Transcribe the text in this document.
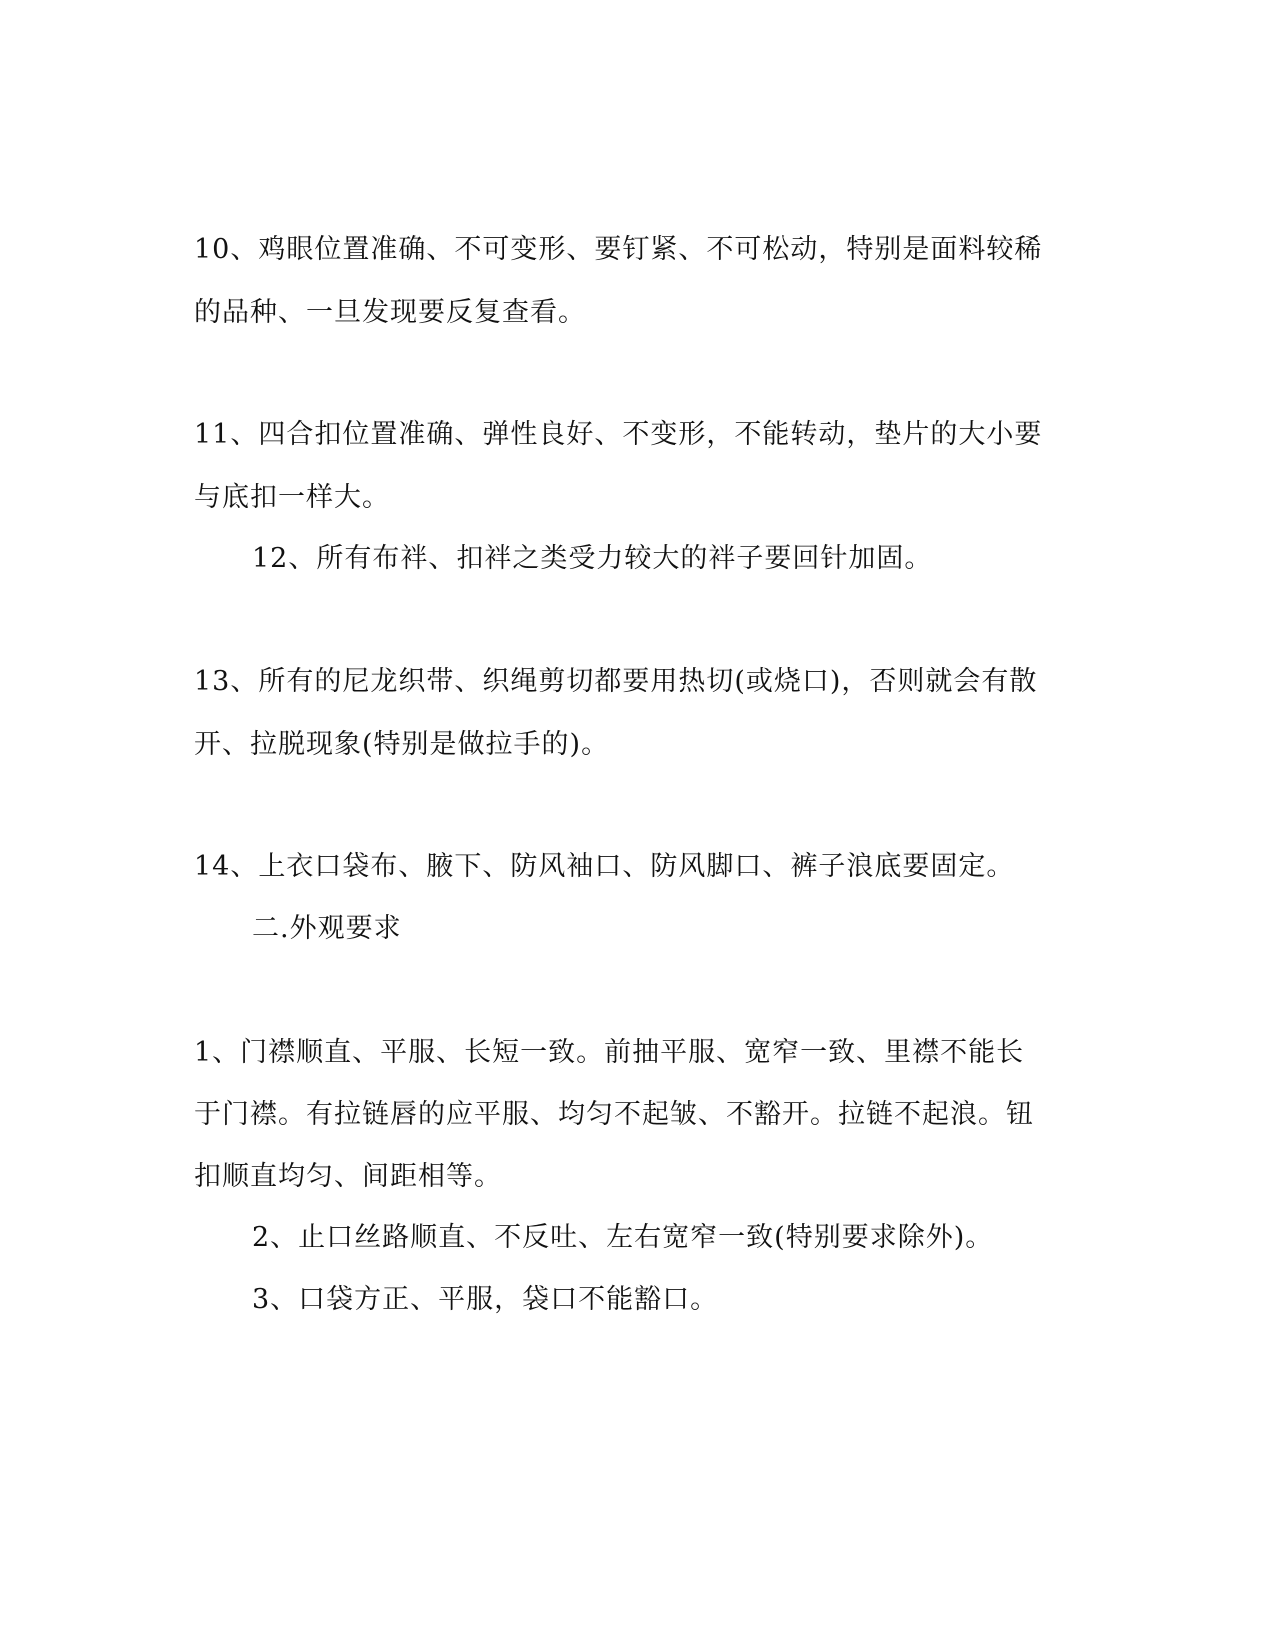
10、鸡眼位置准确、不可变形、要钉紧、不可松动，特别是面料较稀
的品种、一旦发现要反复查看。
11、四合扣位置准确、弹性良好、不变形，不能转动，垫片的大小要
与底扣一样大。
12、所有布袢、扣袢之类受力较大的袢子要回针加固。
13、所有的尼龙织带、织绳剪切都要用热切(或烧口)，否则就会有散
开、拉脱现象(特别是做拉手的)。
14、上衣口袋布、腋下、防风袖口、防风脚口、裤子浪底要固定。
二.外观要求
1、门襟顺直、平服、长短一致。前抽平服、宽窄一致、里襟不能长
于门襟。有拉链唇的应平服、均匀不起皱、不豁开。拉链不起浪。钮
扣顺直均匀、间距相等。
2、止口丝路顺直、不反吐、左右宽窄一致(特别要求除外)。
3、口袋方正、平服，袋口不能豁口。
